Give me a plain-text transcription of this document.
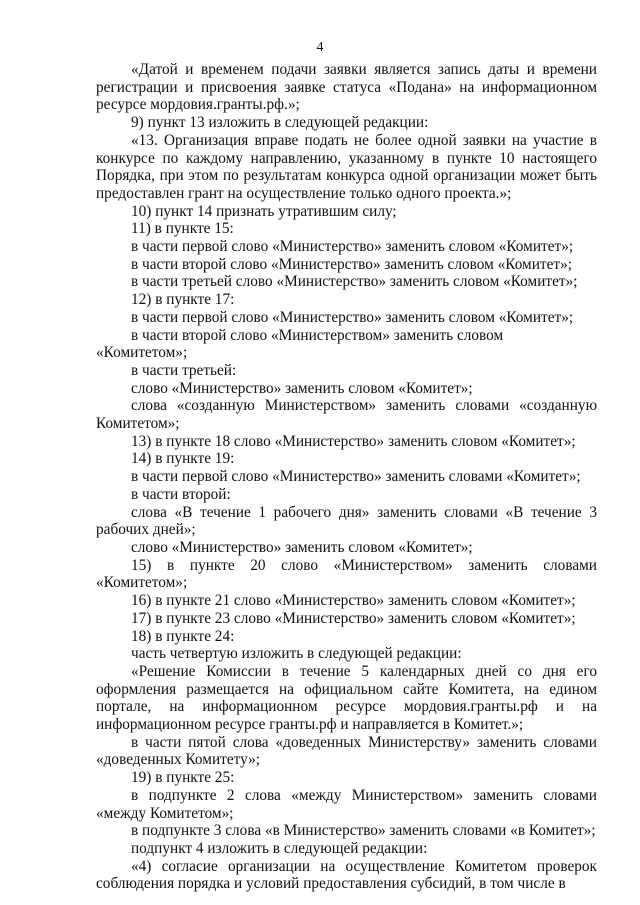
4

«Датой и временем подачи заявки является запись даты и времени регистрации и присвоения заявке статуса «Подана» на информационном ресурсе мордовия.гранты.рф.»;

9) пункт 13 изложить в следующей редакции:

«13. Организация вправе подать не более одной заявки на участие в конкурсе по каждому направлению, указанному в пункте 10 настоящего Порядка, при этом по результатам конкурса одной организации может быть предоставлен грант на осуществление только одного проекта.»;

10) пункт 14 признать утратившим силу;

11) в пункте 15:

в части первой слово «Министерство» заменить словом «Комитет»;

в части второй слово «Министерство» заменить словом «Комитет»;

в части третьей слово «Министерство» заменить словом «Комитет»;

12) в пункте 17:

в части первой слово «Министерство» заменить словом «Комитет»;

в части второй слово «Министерством» заменить словом «Комитетом»;

в части третьей:

слово «Министерство» заменить словом «Комитет»;

слова «созданную Министерством» заменить словами «созданную Комитетом»;

13) в пункте 18 слово «Министерство» заменить словом «Комитет»;

14) в пункте 19:

в части первой слово «Министерство» заменить словами «Комитет»;

в части второй:

слова «В течение 1 рабочего дня» заменить словами «В течение 3 рабочих дней»;

слово «Министерство» заменить словом «Комитет»;

15) в пункте 20 слово «Министерством» заменить словами «Комитетом»;

16) в пункте 21 слово «Министерство» заменить словом «Комитет»;

17) в пункте 23 слово «Министерство» заменить словом «Комитет»;

18) в пункте 24:

часть четвертую изложить в следующей редакции:

«Решение Комиссии в течение 5 календарных дней со дня его оформления размещается на официальном сайте Комитета, на едином портале, на информационном ресурсе мордовия.гранты.рф и на информационном ресурсе гранты.рф и направляется в Комитет.»;

в части пятой слова «доведенных Министерству» заменить словами «доведенных Комитету»;

19) в пункте 25:

в подпункте 2 слова «между Министерством» заменить словами «между Комитетом»;

в подпункте 3 слова «в Министерство» заменить словами «в Комитет»;

подпункт 4 изложить в следующей редакции:

«4) согласие организации на осуществление Комитетом проверок соблюдения порядка и условий предоставления субсидий, в том числе в
